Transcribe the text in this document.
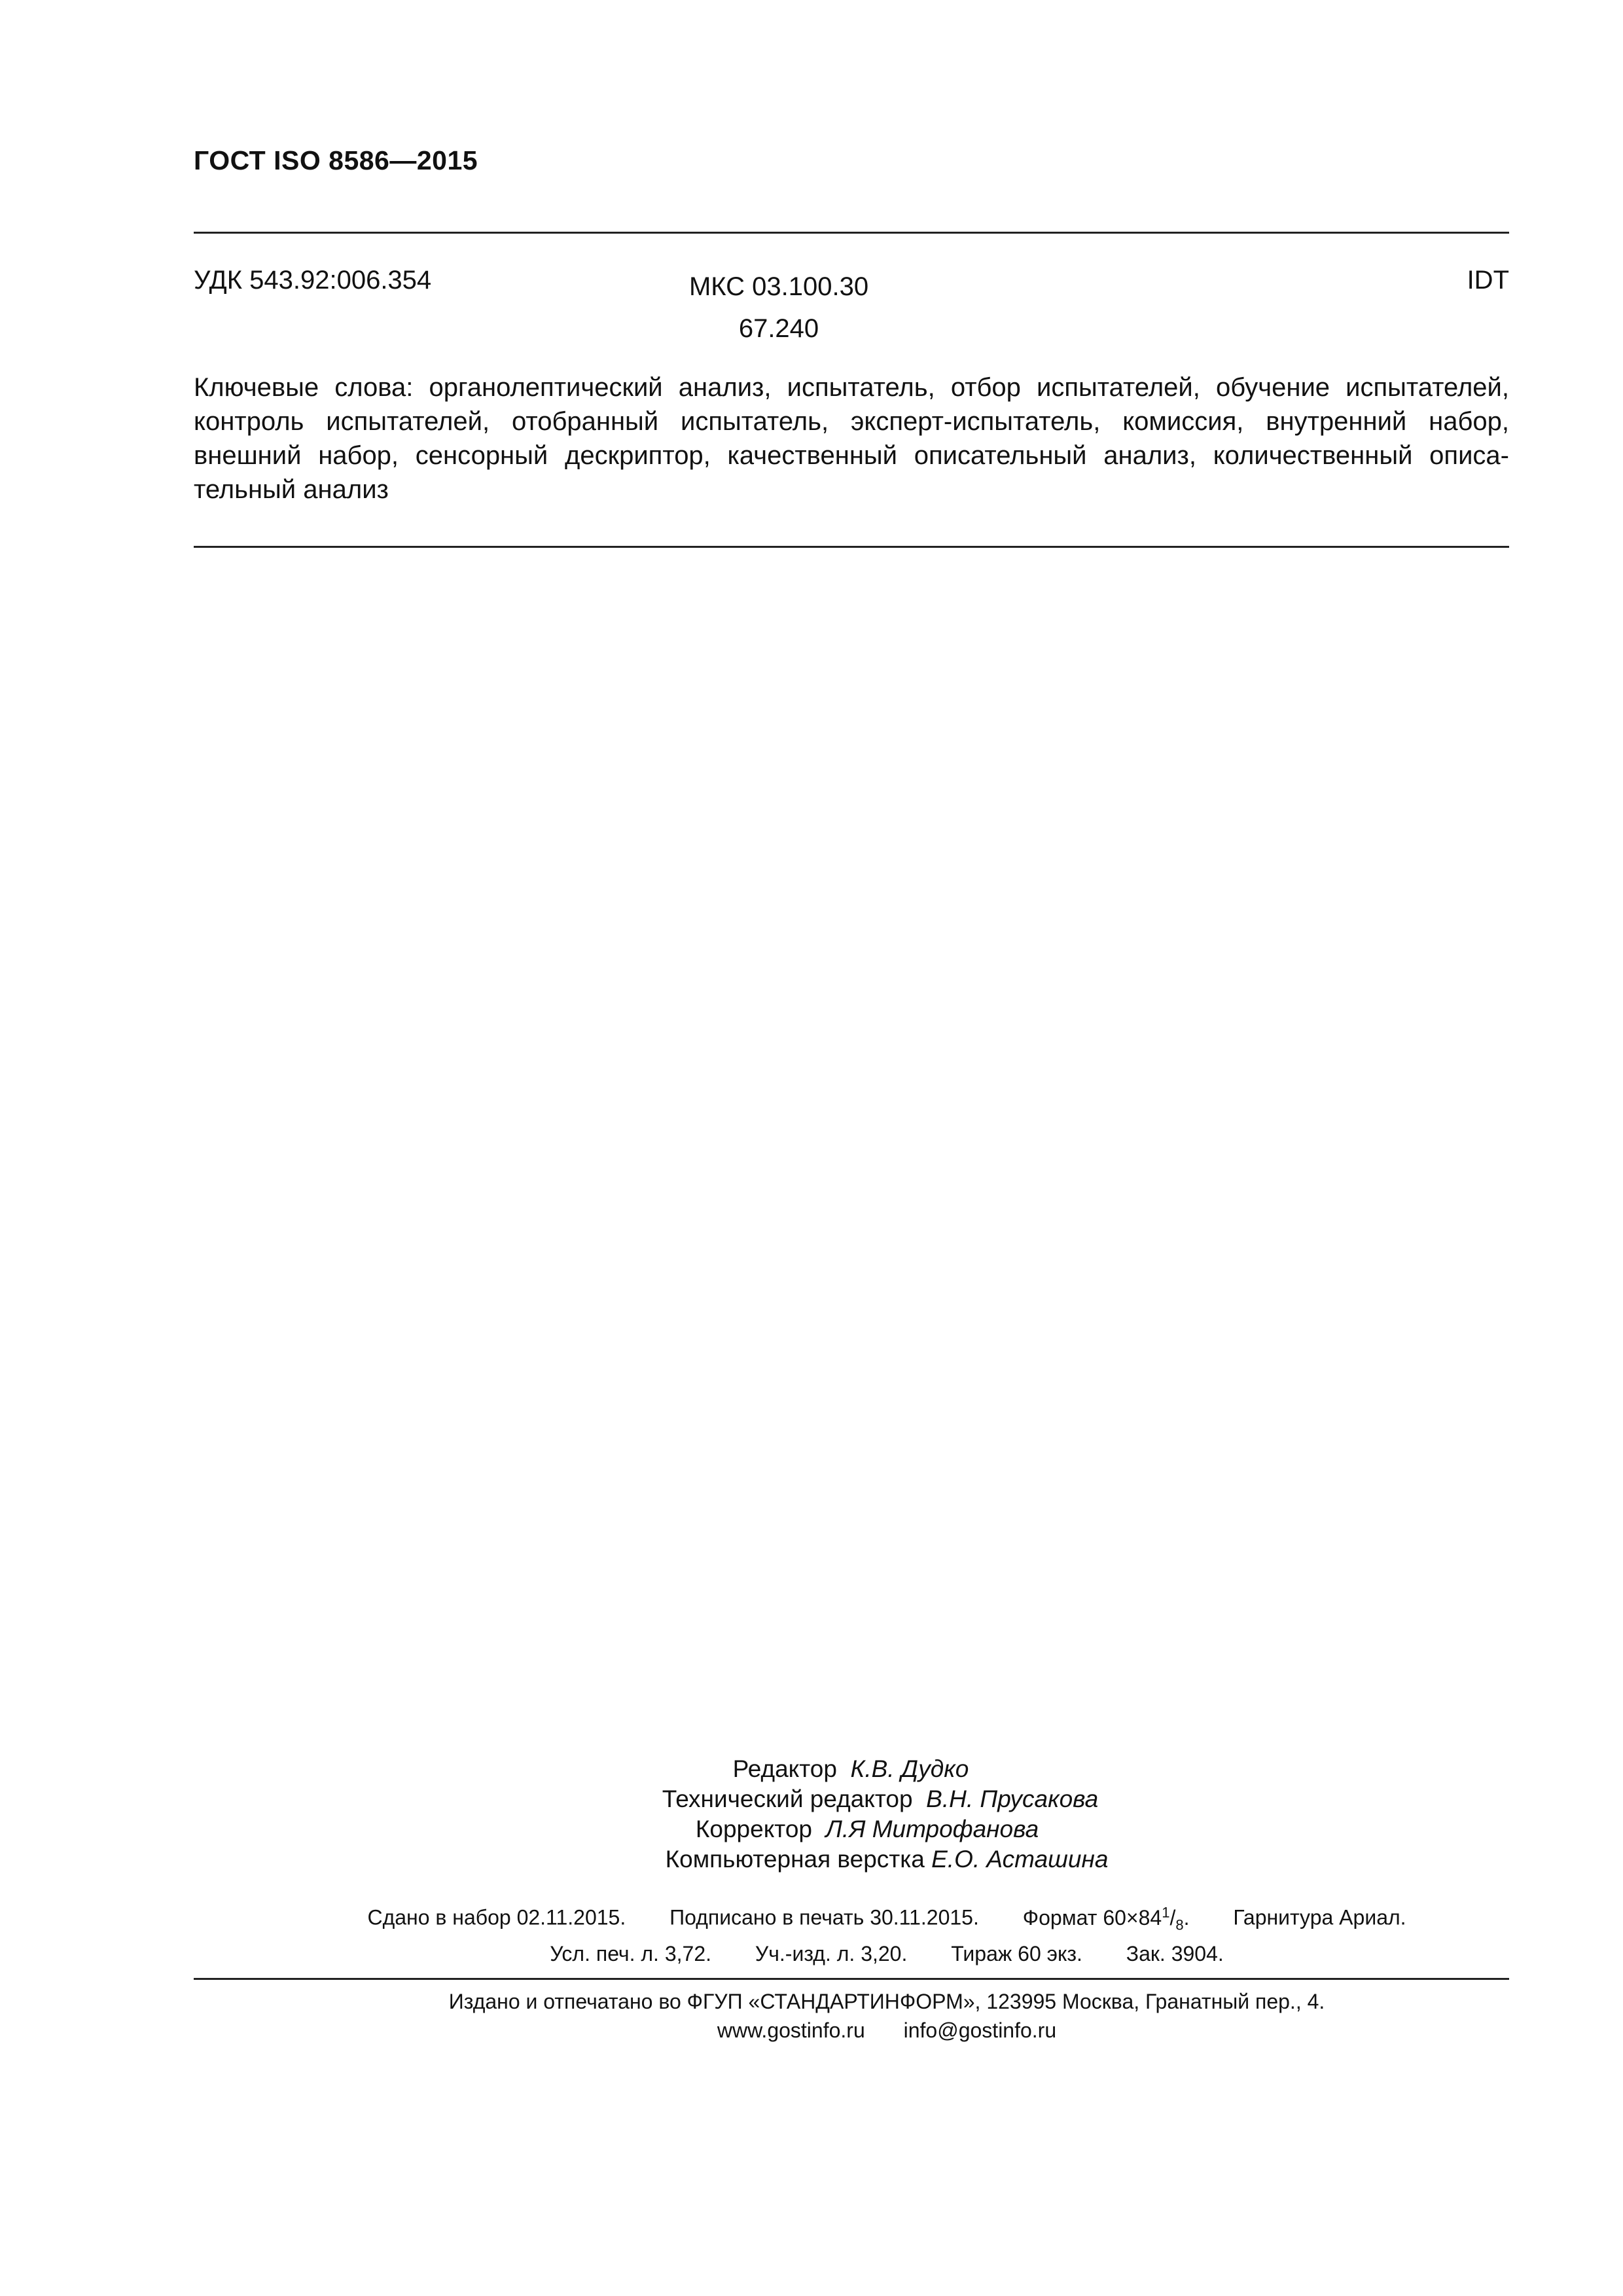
ГОСТ ISO 8586—2015
УДК 543.92:006.354	МКС 03.100.30
67.240
IDT

Ключевые слова: органолептический анализ, испытатель, отбор испытателей, обучение испытателей, контроль испытателей, отобранный испытатель, эксперт-испытатель, комиссия, внутренний набор, внешний набор, сенсорный дескриптор, качественный описательный анализ, количественный описа-тельный анализ

Редактор К.В. Дудко
Технический редактор В.Н. Прусакова
Корректор Л.Я Митрофанова
Компьютерная верстка Е.О. Асташина
Сдано в набор 02.11.2015. Подписано в печать 30.11.2015. Формат $60\times 84^1/_8$. Гарнитура Ариал.
Усл. печ. л. 3,72. Уч.-изд. л. 3,20. Тираж 60 экз. Зак. 3904.
Издано и отпечатано во ФГУП «СТАНДАРТИНФОРМ», 123995 Москва, Гранатный пер., 4.
www.gostinfo.ru info@gostinfo.ru
